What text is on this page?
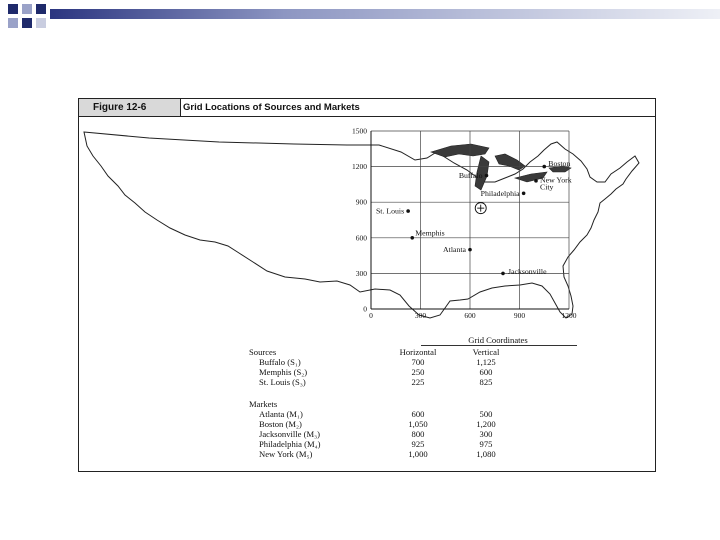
Figure 12-6	Grid Locations of Sources and Markets
0	300	600	900	1200
0
300
600
900
1200
1500
Boston
Buffalo	New York
City
Philadelphia
St. Louis
Memphis
Atlanta
Jacksonville
Grid Coordinates
Sources	Horizontal	Vertical
Buffalo (S₁)	700	1,125
Memphis (S₂)	250	600
St. Louis (S₃)	225	825
Markets
Atlanta (M₁)	600	500
Boston (M₂)	1,050	1,200
Jacksonville (M₃)	800	300
Philadelphia (M₄)	925	975
New York (M₅)	1,000	1,080
